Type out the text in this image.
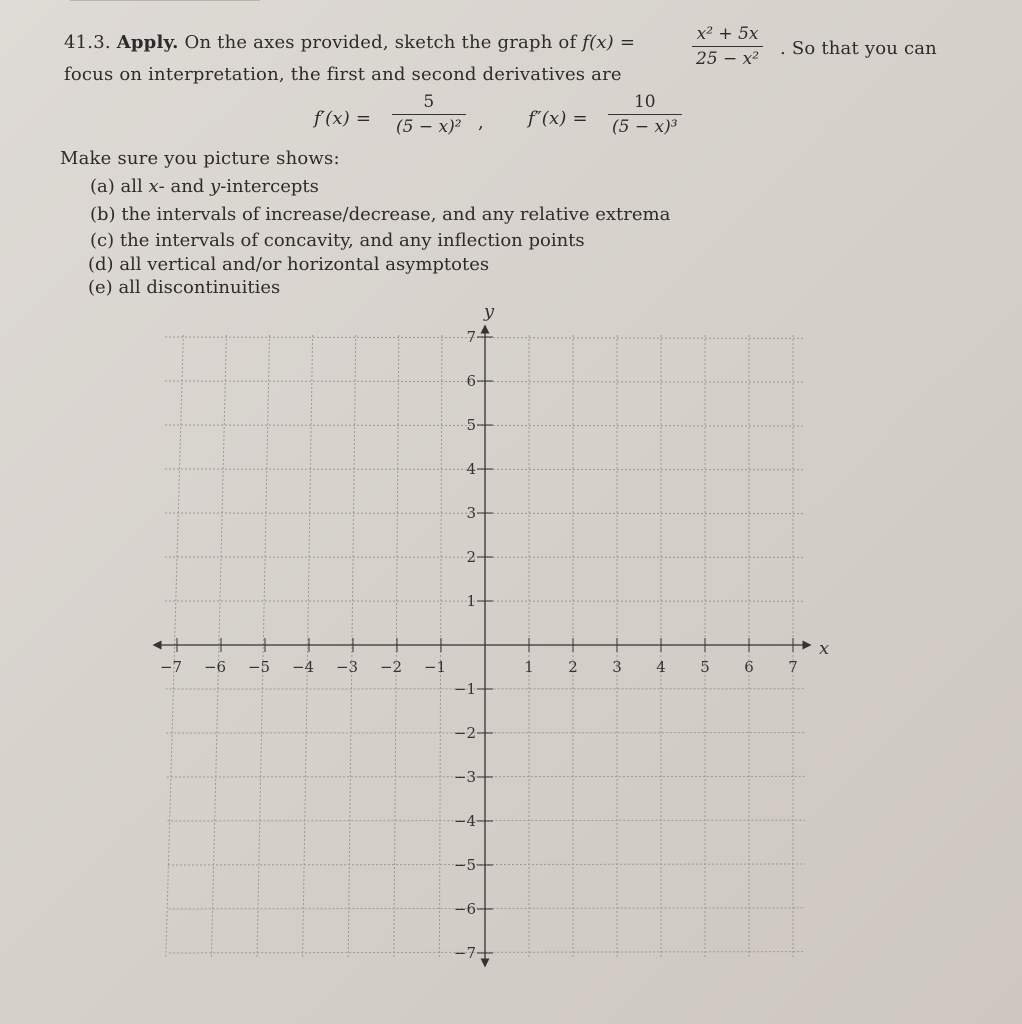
41.3. Apply. On the axes provided, sketch the graph of f(x) =	x² + 5x
25 − x² . So that you can
focus on interpretation, the first and second derivatives are
f′(x) =
5
(5 − x)² , f″(x) =
10
(5 − x)³
Make sure you picture shows:
(a) all x- and y-intercepts
(b) the intervals of increase/decrease, and any relative extrema
(c) the intervals of concavity, and any inflection points
(d) all vertical and/or horizontal asymptotes
(e) all discontinuities
−7 −6 −5 −4 −3 −2 −1	1 2 3 4 5 6 7
7
6
5
4
3
2
1
−1
−2
−3
−4
−5
−6
−7
x
y
